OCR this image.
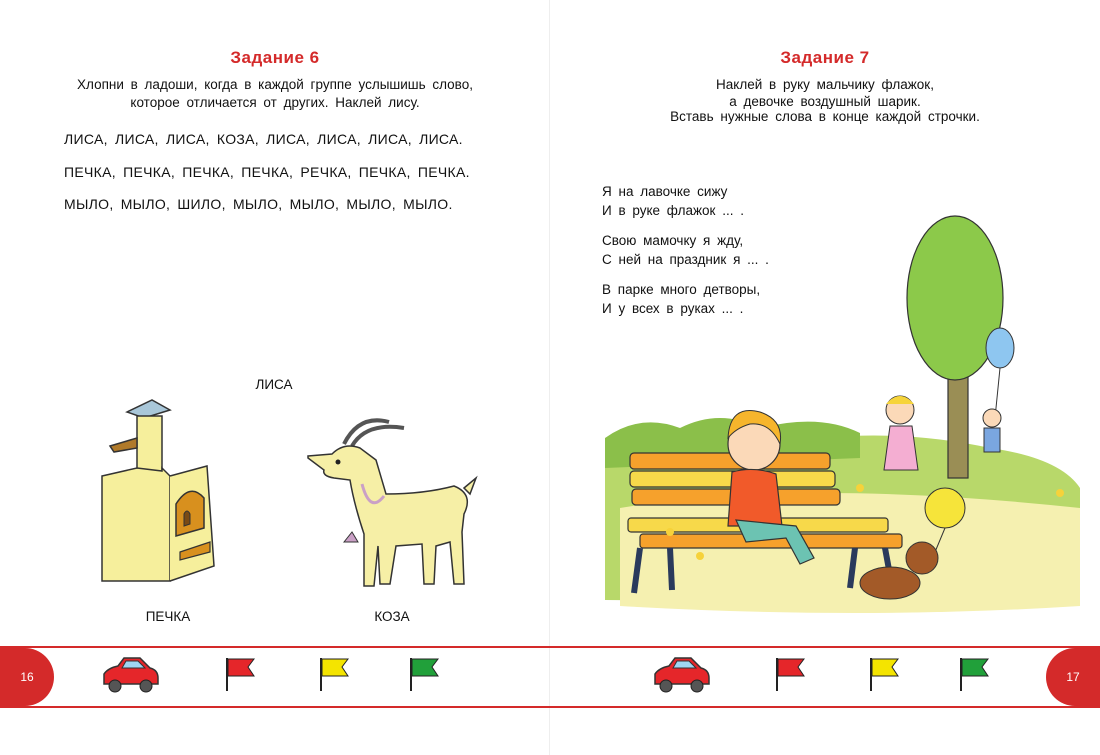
Задание 6
Хлопни в ладоши, когда в каждой группе услышишь слово,
которое отличается от других. Наклей лису.
ЛИСА, ЛИСА, ЛИСА, КОЗА, ЛИСА, ЛИСА, ЛИСА, ЛИСА.
ПЕЧКА, ПЕЧКА, ПЕЧКА, ПЕЧКА, РЕЧКА, ПЕЧКА, ПЕЧКА.
МЫЛО, МЫЛО, ШИЛО, МЫЛО, МЫЛО, МЫЛО, МЫЛО.
ЛИСА
ПЕЧКА	КОЗА
Задание 7
Наклей в руку мальчику флажок,
а девочке воздушный шарик.
Вставь нужные слова в конце каждой строчки.
Я на лавочке сижу
И в руке флажок ... .
Свою мамочку я жду,
С ней на праздник я ... .
В парке много детворы,
И у всех в руках ... .
16	17
